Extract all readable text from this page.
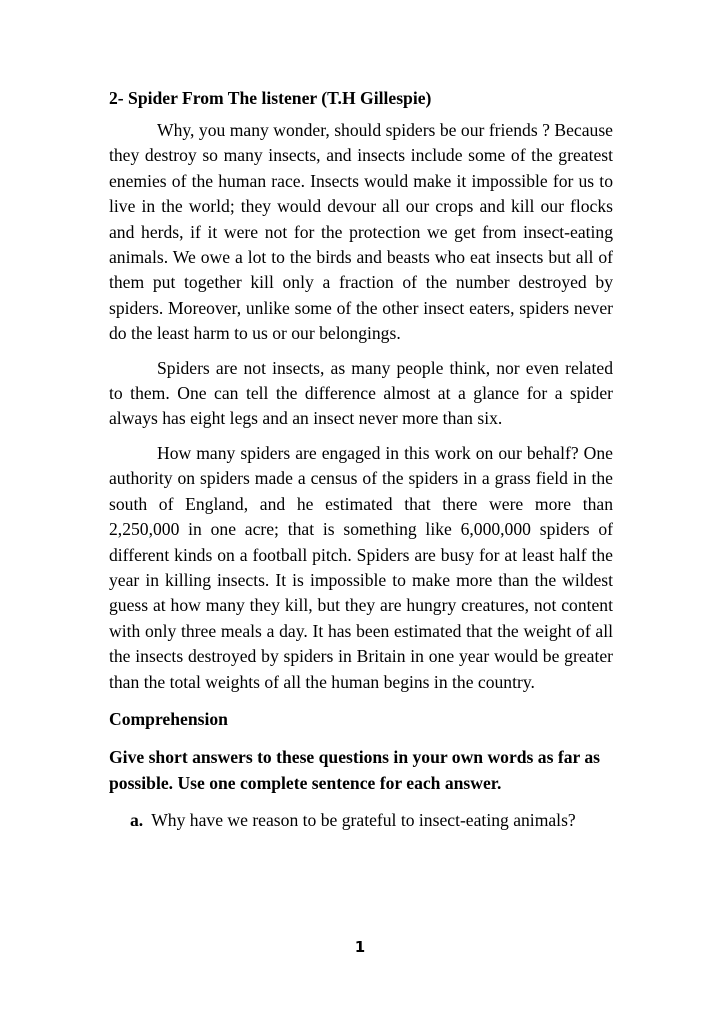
2- Spider From The listener (T.H Gillespie)

Why, you many wonder, should spiders be our friends ? Because they destroy so many insects, and insects include some of the greatest enemies of the human race. Insects would make it impossible for us to live in the world; they would devour all our crops and kill our flocks and herds, if it were not for the protection we get from insect-eating animals. We owe a lot to the birds and beasts who eat insects but all of them put together kill only a fraction of the number destroyed by spiders. Moreover, unlike some of the other insect eaters, spiders never do the least harm to us or our belongings.

Spiders are not insects, as many people think, nor even related to them. One can tell the difference almost at a glance for a spider always has eight legs and an insect never more than six.

How many spiders are engaged in this work on our behalf? One authority on spiders made a census of the spiders in a grass field in the south of England, and he estimated that there were more than 2,250,000 in one acre; that is something like 6,000,000 spiders of different kinds on a football pitch. Spiders are busy for at least half the year in killing insects. It is impossible to make more than the wildest guess at how many they kill, but they are hungry creatures, not content with only three meals a day. It has been estimated that the weight of all the insects destroyed by spiders in Britain in one year would be greater than the total weights of all the human begins in the country.

Comprehension
Give short answers to these questions in your own words as far as possible. Use one complete sentence for each answer.
a. Why have we reason to be grateful to insect-eating animals?
1
